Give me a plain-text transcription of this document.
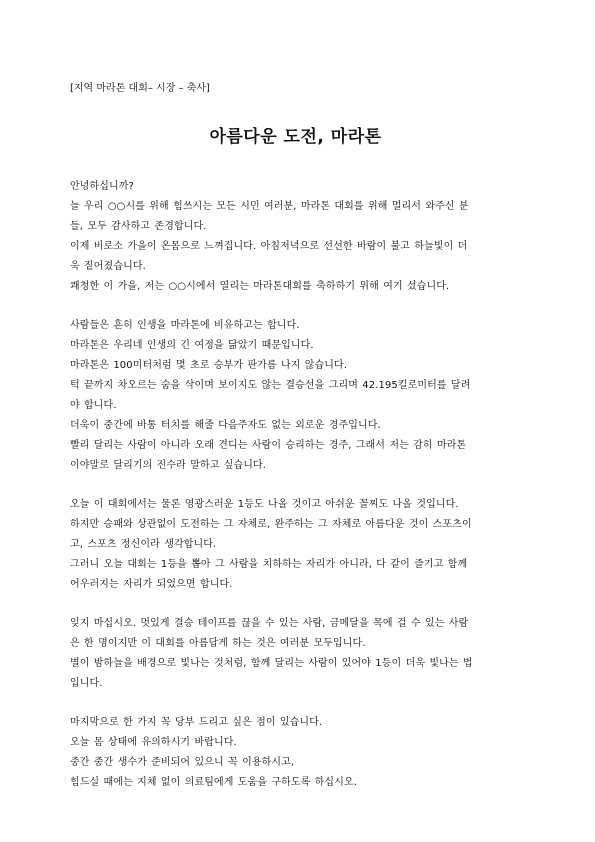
[지역 마라톤 대회– 시장 – 축사]
아름다운 도전, 마라톤
안녕하십니까?
늘 우리 ○○시를 위해 힘쓰시는 모든 시민 여러분, 마라톤 대회를 위해 멀리서 와주신 분
들, 모두 감사하고 존경합니다.
이제 비로소 가을이 온몸으로 느껴집니다. 아침저녁으로 선선한 바람이 불고 하늘빛이 더
욱 짙어졌습니다.
쾌청한 이 가을, 저는 ○○시에서 열리는 마라톤대회를 축하하기 위해 여기 섰습니다.
사람들은 흔히 인생을 마라톤에 비유하고는 합니다.
마라톤은 우리네 인생의 긴 여정을 닮았기 때문입니다.
마라톤은 100미터처럼 몇 초로 승부가 판가름 나지 않습니다.
턱 끝까지 차오르는 숨을 삭이며 보이지도 않는 결승선을 그리며 42.195킬로미터를 달려
야 합니다.
더욱이 중간에 바통 터치를 해줄 다음주자도 없는 외로운 경주입니다.
빨리 달리는 사람이 아니라 오래 견디는 사람이 승리하는 경주, 그래서 저는 감히 마라톤
이야말로 달리기의 진수라 말하고 싶습니다.
오늘 이 대회에서는 물론 영광스러운 1등도 나올 것이고 아쉬운 꼴찌도 나올 것입니다.
하지만 승패와 상관없이 도전하는 그 자체로, 완주하는 그 자체로 아름다운 것이 스포츠이
고, 스포츠 정신이라 생각합니다.
그러니 오늘 대회는 1등을 뽑아 그 사람을 치하하는 자리가 아니라, 다 같이 즐기고 함께
어우러지는 자리가 되었으면 합니다.
잊지 마십시오. 멋있게 결승 테이프를 끊을 수 있는 사람, 금메달을 목에 걸 수 있는 사람
은 한 명이지만 이 대회를 아름답게 하는 것은 여러분 모두입니다.
별이 밤하늘을 배경으로 빛나는 것처럼, 함께 달리는 사람이 있어야 1등이 더욱 빛나는 법
입니다.
마지막으로 한 가지 꼭 당부 드리고 싶은 점이 있습니다.
오늘 몸 상태에 유의하시기 바랍니다.
중간 중간 생수가 준비되어 있으니 꼭 이용하시고,
힘드실 때에는 지체 없이 의료팀에게 도움을 구하도록 하십시오.
